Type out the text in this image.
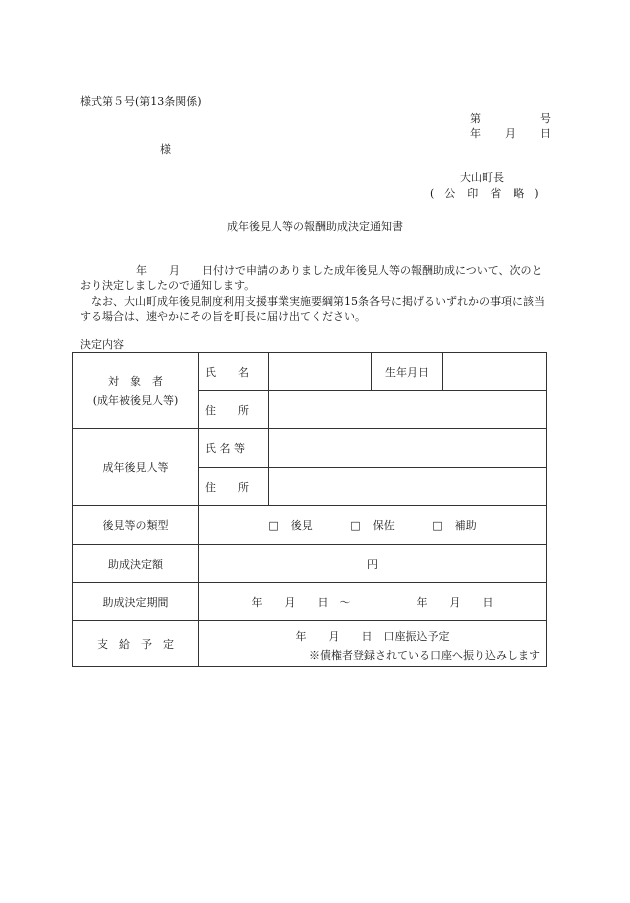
様式第５号(第13条関係)
第	号
年 月 日
様
大山町長
( 公 印 省 略 )
成年後見人等の報酬助成決定通知書
年　　月　　日付けで申請のありました成年後見人等の報酬助成について、次のとおり決定しましたので通知します。
　なお、大山町成年後見制度利用支援事業実施要綱第15条各号に掲げるいずれかの事項に該当する場合は、速やかにその旨を町長に届け出てください。
決定内容
対　象　者
(成年被後見人等)	氏　　名		生年月日	
	住　　所			
成年後見人等	氏 名 等			
	住　　所			
後見等の類型	□ 後見 □ 保佐 □ 補助			
助成決定額	円			
助成決定期間	年　　月　　日　～　　　　　　年　　月　　日			
支　給　予　定	年　　月　　日　口座振込予定
※債権者登録されている口座へ振り込みします			
